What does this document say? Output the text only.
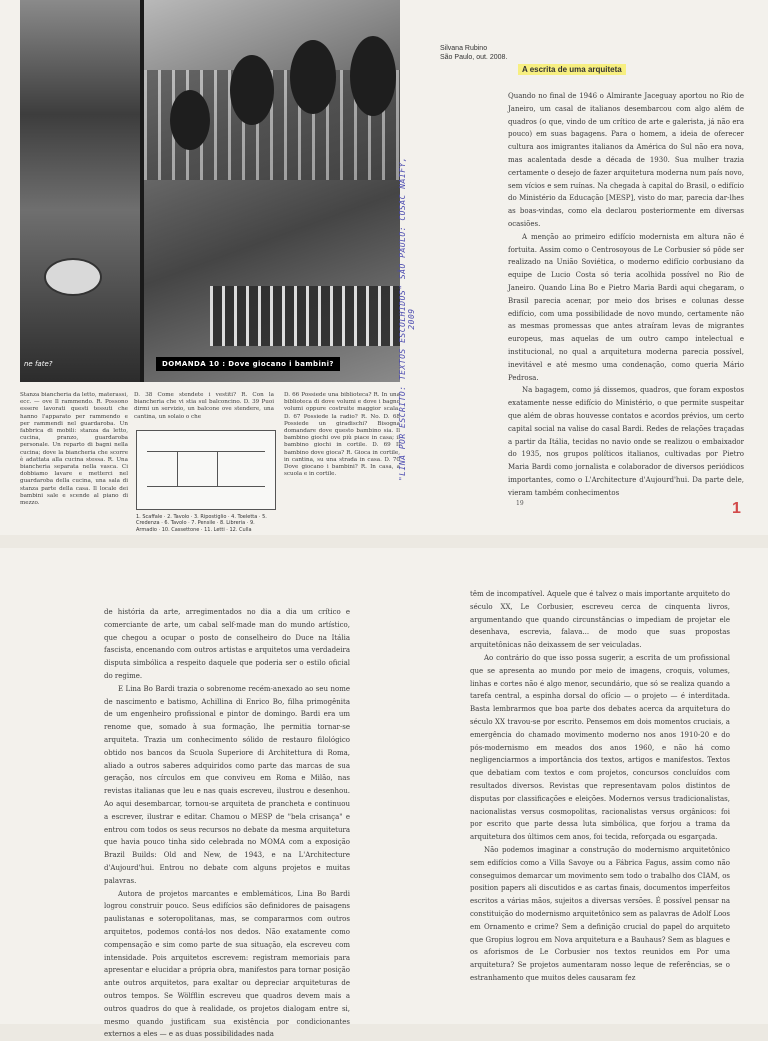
ne fate?	DOMANDA 10 : Dove giocano i bambini?
Stanza biancheria da letto, materassi, ecc. — ove Il rammendo. R. Possono essere lavorati questi tessuti che hanno l'apparato per rammendo e per rammendi nel guardaroba. Un fabbrica di mobili: stanza da letto, cucina, pranzo, guardaroba personale. Un reparto di bagni nella cucina; dove la biancheria che scorre è adattata alla cucina stessa. R. Una biancheria separata nella vasca. Ci dobbiamo lavare e metterci nel guardaroba della cucina, una sala di stanza parte della casa. Il locale dei bambini sale e scende al piano di mezzo.
D. 38 Come stendete i vestiti? R. Con la biancheria che vi stia sul balconcino. D. 39 Puoi dirmi un servizio, un balcone ove stendere, una cantina, un solaio o che
1. Scaffale · 2. Tavolo · 3. Ripostiglio · 4. Toeletta · 5. Credenza · 6. Tavolo · 7. Pensile · 8. Libreria · 9. Armadio · 10. Cassettone · 11. Letti · 12. Culla
D. 66 Possiede una biblioteca? R. In una biblioteca di dove volumi e dove i bagno volumi oppure costruite maggior scala. D. 67 Possiede la radio? R. No. D. 68 Possiede un giradischi? Bisogna domandare dove questo bambino sia. Il bambino giochi ove più piace in casa; il bambino giochi in cortile. D. 69 Il bambino dove gioca? R. Gioca in cortile, in cantina, su una strada in casa. D. 70 Dove giocano i bambini? R. In casa, a scuola e in cortile.	"LINA POR ESCRITO: TEXTOS ESCOLHIDOS" SÃO PAULO: COSAC NAIFY, 2009
Silvana Rubino
São Paulo, out. 2008.
A escrita de uma arquiteta

Quando no final de 1946 o Almirante Jaceguay aportou no Rio de Janeiro, um casal de italianos desembarcou com algo além de quadros (o que, vindo de um crítico de arte e galerista, já não era pouco) em suas bagagens. Para o homem, a ideia de oferecer cultura aos imigrantes italianos da América do Sul não era nova, mas acalentada desde a década de 1930. Sua mulher trazia certamente o desejo de fazer arquitetura moderna num país novo, sem vícios e sem ruínas. Na chegada à capital do Brasil, o edifício do Ministério da Educação [MESP], visto do mar, parecia dar-lhes as boas-vindas, como ela declarou posteriormente em diversas ocasiões.

A menção ao primeiro edifício modernista em altura não é fortuita. Assim como o Centrosoyous de Le Corbusier só pôde ser realizado na União Soviética, o moderno edifício corbusiano da equipe de Lucio Costa só teria acolhida possível no Rio de Janeiro. Quando Lina Bo e Pietro Maria Bardi aqui chegaram, o Brasil parecia acenar, por meio dos brises e colunas desse edifício, com uma possibilidade de novo mundo, certamente não as mesmas promessas que antes atraíram levas de migrantes europeus, mas aquelas de um outro campo intelectual e institucional, no qual a arquitetura moderna parecia possível, inevitável e até mesmo uma condenação, como queria Mário Pedrosa.

Na bagagem, como já dissemos, quadros, que foram expostos exatamente nesse edifício do Ministério, o que permite suspeitar que além de obras houvesse contatos e acordos prévios, um certo capital social na valise do casal Bardi. Redes de relações traçadas a partir da Itália, tecidas no navio onde se realizou o embaixador do 1935, nos grupos políticos italianos, cultivadas por Pietro Maria Bardi como jornalista e colaborador de diversos periódicos importantes, como o L'Architecture d'Aujourd'hui. Da parte dele, vieram também conhecimentos

19	1

de história da arte, arregimentados no dia a dia um crítico e comerciante de arte, um cabal self-made man do mundo artístico, que chegou a ocupar o posto de conselheiro do Duce na Itália fascista, encenando com outros artistas e arquitetos uma verdadeira disputa simbólica a respeito daquele que poderia ser o estilo oficial do regime.

E Lina Bo Bardi trazia o sobrenome recém-anexado ao seu nome de nascimento e batismo, Achillina di Enrico Bo, filha primogênita de um engenheiro profissional e pintor de domingo. Bardi era um renome que, somado à sua formação, lhe permitia tornar-se arquiteta. Trazia um conhecimento sólido de restauro filológico obtido nos bancos da Scuola Superiore di Architettura di Roma, aliado a outros saberes adquiridos como parte das marcas de sua geração, nos círculos em que conviveu em Roma e Milão, nas revistas italianas que leu e nas quais escreveu, ilustrou e desenhou. Ao aqui desembarcar, tornou-se arquiteta de prancheta e continuou a escrever, ilustrar e editar. Chamou o MESP de "bela crisança" e entrou com todos os seus recursos no debate da mesma arquitetura que havia pouco tinha sido celebrada no MOMA com a exposição Brazil Builds: Old and New, de 1943, e na L'Architecture d'Aujourd'hui. Entrou no debate com alguns projetos e muitas palavras.

Autora de projetos marcantes e emblemáticos, Lina Bo Bardi logrou construir pouco. Seus edifícios são definidores de paisagens paulistanas e soteropolitanas, mas, se compararmos com outros arquitetos, podemos contá-los nos dedos. Não exatamente como compensação e sim como parte de sua situação, ela escreveu com intensidade. Pois arquitetos escrevem: registram memoriais para apresentar e elucidar a própria obra, manifestos para tornar posição ante outros arquitetos, para exaltar ou depreciar arquiteturas de outros tempos. Se Wölfflin escreveu que quadros devem mais a outros quadros do que à realidade, os projetos dialogam entre si, mesmo quando justificam sua existência por condicionantes externos a eles — e as duas possibilidades nada

têm de incompatível. Aquele que é talvez o mais importante arquiteto do século XX, Le Corbusier, escreveu cerca de cinquenta livros, argumentando que quando circunstâncias o impediam de projetar ele desenhava, escrevia, falava... de modo que suas propostas arquitetônicas não deixassem de ser veiculadas.

Ao contrário do que isso possa sugerir, a escrita de um profissional que se apresenta ao mundo por meio de imagens, croquis, volumes, linhas e cortes não é algo menor, secundário, que só se realiza quando a tarefa central, a espinha dorsal do ofício — o projeto — é interditada. Basta lembrarmos que boa parte dos debates acerca da arquitetura do século XX travou-se por escrito. Pensemos em dois momentos cruciais, a emergência do chamado movimento moderno nos anos 1910-20 e do pós-modernismo em meados dos anos 1960, e não há como negligenciarmos a importância dos textos, artigos e manifestos. Textos que debatiam com textos e com projetos, concursos concluídos com resultados diversos. Revistas que representavam polos distintos de disputas por classificações e eleições. Modernos versus tradicionalistas, nacionalistas versus cosmopolitas, racionalistas versus orgânicos: foi por escrito que parte dessa luta simbólica, que forjou a trama da arquitetura dos últimos cem anos, foi tecida, reforçada ou esgarçada.

Não podemos imaginar a construção do modernismo arquitetônico sem edifícios como a Villa Savoye ou a Fábrica Fagus, assim como não conseguimos demarcar um movimento sem todo o trabalho dos CIAM, os position papers ali discutidos e as cartas finais, documentos imperfeitos escritos a várias mãos, sujeitos a diversas versões. É possível pensar na constituição do modernismo arquitetônico sem as palavras de Adolf Loos em Ornamento e crime? Sem a definição crucial do papel do arquiteto que Gropius logrou em Nova arquitetura e a Bauhaus? Sem as blagues e os aforismos de Le Corbusier nos textos reunidos em Por uma arquitetura? Se projetos aumentaram nosso leque de referências, se o estranhamento que muitos deles causaram fez
